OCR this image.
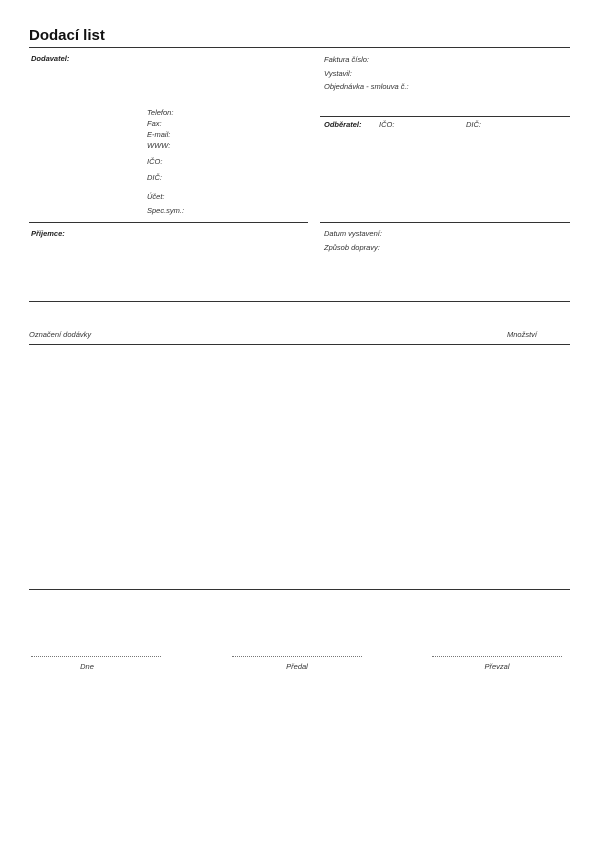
Dodací list
Dodavatel:
Telefon:
Fax:
E-mail:
WWW:
IČO:
DIČ:
Účet:
Spec.sym.:
Faktura číslo:
Vystavil:
Objednávka - smlouva č.:
Odběratel: IČO:	DIČ:
Příjemce:	Datum vystavení:
Způsob dopravy:
Označení dodávky	Množství
Dne	Předal	Převzal
